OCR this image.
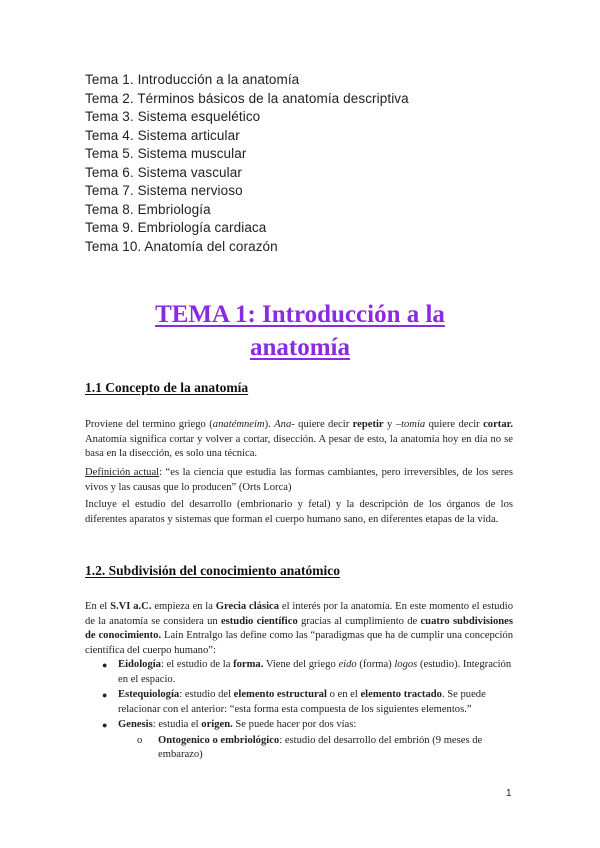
Tema 1. Introducción a la anatomía
Tema 2. Términos básicos de la anatomía descriptiva
Tema 3. Sistema esquelético
Tema 4. Sistema articular
Tema 5. Sistema muscular
Tema 6. Sistema vascular
Tema 7. Sistema nervioso
Tema 8. Embriología
Tema 9. Embriología cardiaca
Tema 10. Anatomía del corazón
TEMA 1: Introducción a la
anatomía
1.1 Concepto de la anatomía
Proviene del termino griego (anatémneim). Ana- quiere decir repetir y –tomia quiere decir cortar. Anatomía significa cortar y volver a cortar, disección. A pesar de esto, la anatomía hoy en día no se basa en la disección, es solo una técnica.
Definición actual: “es la ciencia que estudia las formas cambiantes, pero irreversibles, de los seres vivos y las causas que lo producen” (Orts Lorca)
Incluye el estudio del desarrollo (embrionario y fetal) y la descripción de los órganos de los diferentes aparatos y sistemas que forman el cuerpo humano sano, en diferentes etapas de la vida.
1.2. Subdivisión del conocimiento anatómico
En el S.VI a.C. empieza en la Grecia clásica el interés por la anatomía. En este momento el estudio de la anatomía se considera un estudio científico gracias al cumplimiento de cuatro subdivisiones de conocimiento. Lain Entralgo las define como las “paradigmas que ha de cumplir una concepción científica del cuerpo humano”:
● Eidología: el estudio de la forma. Viene del griego eido (forma) logos (estudio). Integración en el espacio.
● Estequiología: estudio del elemento estructural o en el elemento tractado. Se puede relacionar con el anterior: “esta forma esta compuesta de los siguientes elementos.”
● Genesis: estudia el origen. Se puede hacer por dos vías:
o Ontogenico o embriológico: estudio del desarrollo del embrión (9 meses de embarazo)
1
